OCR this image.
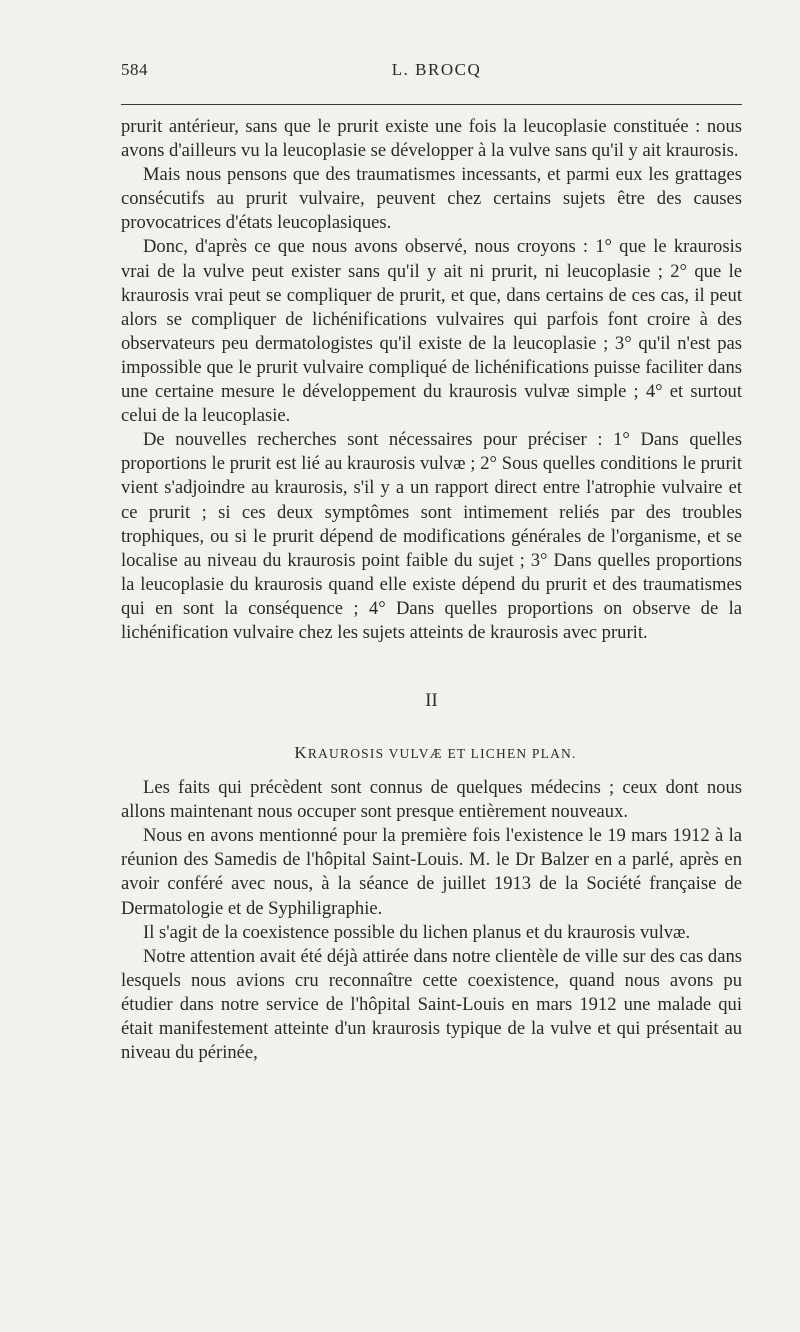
584	L. BROCQ

prurit antérieur, sans que le prurit existe une fois la leucoplasie constituée : nous avons d'ailleurs vu la leucoplasie se développer à la vulve sans qu'il y ait kraurosis.

Mais nous pensons que des traumatismes incessants, et parmi eux les grattages consécutifs au prurit vulvaire, peuvent chez certains sujets être des causes provocatrices d'états leucoplasiques.

Donc, d'après ce que nous avons observé, nous croyons : 1° que le kraurosis vrai de la vulve peut exister sans qu'il y ait ni prurit, ni leucoplasie ; 2° que le kraurosis vrai peut se compliquer de prurit, et que, dans certains de ces cas, il peut alors se compliquer de lichénifications vulvaires qui parfois font croire à des observateurs peu dermatologistes qu'il existe de la leucoplasie ; 3° qu'il n'est pas impossible que le prurit vulvaire compliqué de lichénifications puisse faciliter dans une certaine mesure le développement du kraurosis vulvæ simple ; 4° et surtout celui de la leucoplasie.

De nouvelles recherches sont nécessaires pour préciser : 1° Dans quelles proportions le prurit est lié au kraurosis vulvæ ; 2° Sous quelles conditions le prurit vient s'adjoindre au kraurosis, s'il y a un rapport direct entre l'atrophie vulvaire et ce prurit ; si ces deux symptômes sont intimement reliés par des troubles trophiques, ou si le prurit dépend de modifications générales de l'organisme, et se localise au niveau du kraurosis point faible du sujet ; 3° Dans quelles proportions la leucoplasie du kraurosis quand elle existe dépend du prurit et des traumatismes qui en sont la conséquence ; 4° Dans quelles proportions on observe de la lichénification vulvaire chez les sujets atteints de kraurosis avec prurit.

II
KRAUROSIS VULVÆ ET LICHEN PLAN.

Les faits qui précèdent sont connus de quelques médecins ; ceux dont nous allons maintenant nous occuper sont presque entièrement nouveaux.

Nous en avons mentionné pour la première fois l'existence le 19 mars 1912 à la réunion des Samedis de l'hôpital Saint-Louis. M. le Dr Balzer en a parlé, après en avoir conféré avec nous, à la séance de juillet 1913 de la Société française de Dermatologie et de Syphiligraphie.

Il s'agit de la coexistence possible du lichen planus et du kraurosis vulvæ.

Notre attention avait été déjà attirée dans notre clientèle de ville sur des cas dans lesquels nous avions cru reconnaître cette coexistence, quand nous avons pu étudier dans notre service de l'hôpital Saint-Louis en mars 1912 une malade qui était manifestement atteinte d'un kraurosis typique de la vulve et qui présentait au niveau du périnée,
